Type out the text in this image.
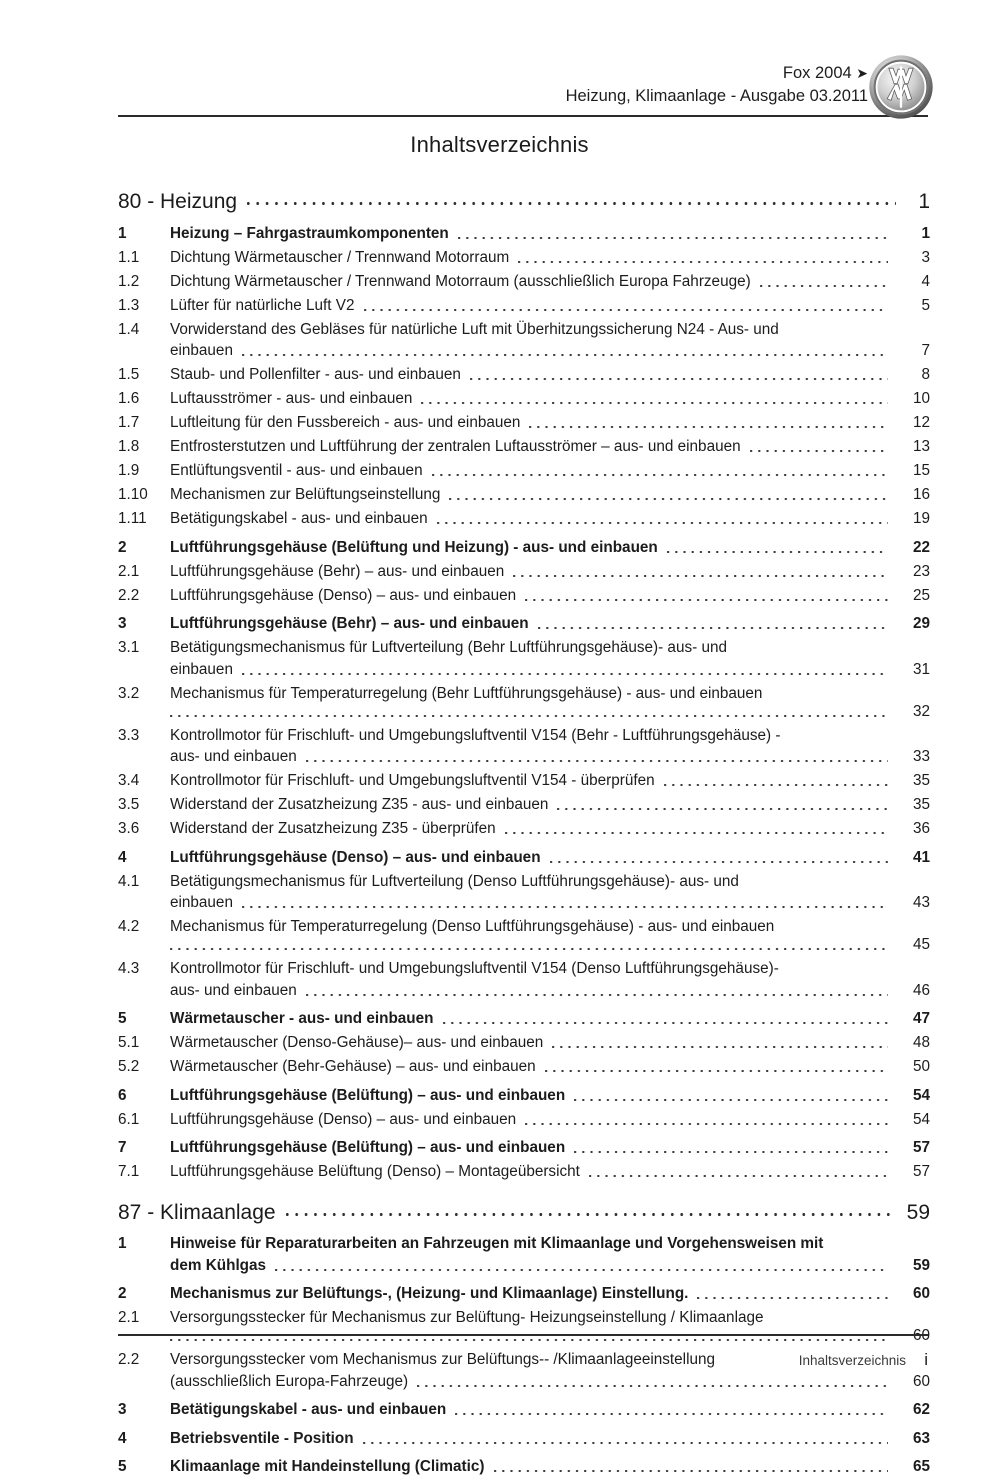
Fox 2004 ➤
Heizung, Klimaanlage - Ausgabe 03.2011
Inhaltsverzeichnis
80 - Heizung	1
1	Heizung – Fahrgastraumkomponenten	1
1.1	Dichtung Wärmetauscher / Trennwand Motorraum	3
1.2	Dichtung Wärmetauscher / Trennwand Motorraum (ausschließlich Europa Fahrzeuge)	4
1.3	Lüfter für natürliche Luft V2	5
1.4	Vorwiderstand des Gebläses für natürliche Luft mit Überhitzungssicherung N24 - Aus- und
einbauen	7
1.5	Staub- und Pollenfilter - aus- und einbauen	8
1.6	Luftausströmer - aus- und einbauen	10
1.7	Luftleitung für den Fussbereich - aus- und einbauen	12
1.8	Entfrosterstutzen und Luftführung der zentralen Luftausströmer – aus- und einbauen	13
1.9	Entlüftungsventil - aus- und einbauen	15
1.10	Mechanismen zur Belüftungseinstellung	16
1.11	Betätigungskabel - aus- und einbauen	19
2	Luftführungsgehäuse (Belüftung und Heizung) - aus- und einbauen	22
2.1	Luftführungsgehäuse (Behr) – aus- und einbauen	23
2.2	Luftführungsgehäuse (Denso) – aus- und einbauen	25
3	Luftführungsgehäuse (Behr) – aus- und einbauen	29
3.1	Betätigungsmechanismus für Luftverteilung (Behr Luftführungsgehäuse)- aus- und
einbauen	31
3.2	Mechanismus für Temperaturregelung (Behr Luftführungsgehäuse) - aus- und einbauen
32
3.3	Kontrollmotor für Frischluft- und Umgebungsluftventil V154 (Behr - Luftführungsgehäuse) -
aus- und einbauen	33
3.4	Kontrollmotor für Frischluft- und Umgebungsluftventil V154 - überprüfen	35
3.5	Widerstand der Zusatzheizung Z35 - aus- und einbauen	35
3.6	Widerstand der Zusatzheizung Z35 - überprüfen	36
4	Luftführungsgehäuse (Denso) – aus- und einbauen	41
4.1	Betätigungsmechanismus für Luftverteilung (Denso Luftführungsgehäuse)- aus- und
einbauen	43
4.2	Mechanismus für Temperaturregelung (Denso Luftführungsgehäuse) - aus- und einbauen
45
4.3	Kontrollmotor für Frischluft- und Umgebungsluftventil V154 (Denso Luftführungsgehäuse)-
aus- und einbauen	46
5	Wärmetauscher - aus- und einbauen	47
5.1	Wärmetauscher (Denso-Gehäuse)– aus- und einbauen	48
5.2	Wärmetauscher (Behr-Gehäuse) – aus- und einbauen	50
6	Luftführungsgehäuse (Belüftung) – aus- und einbauen	54
6.1	Luftführungsgehäuse (Denso) – aus- und einbauen	54
7	Luftführungsgehäuse (Belüftung) – aus- und einbauen	57
7.1	Luftführungsgehäuse Belüftung (Denso) – Montageübersicht	57
87 - Klimaanlage	59
1	Hinweise für Reparaturarbeiten an Fahrzeugen mit Klimaanlage und Vorgehensweisen mit
dem Kühlgas	59
2	Mechanismus zur Belüftungs-, (Heizung- und Klimaanlage) Einstellung.	60
2.1	Versorgungsstecker für Mechanismus zur Belüftung- Heizungseinstellung / Klimaanlage
60
2.2	Versorgungsstecker vom Mechanismus zur Belüftungs-- /Klimaanlageeinstellung
(ausschließlich Europa-Fahrzeuge)	60
3	Betätigungskabel - aus- und einbauen	62
4	Betriebsventile - Position	63
5	Klimaanlage mit Handeinstellung (Climatic)	65
Inhaltsverzeichnis	i
